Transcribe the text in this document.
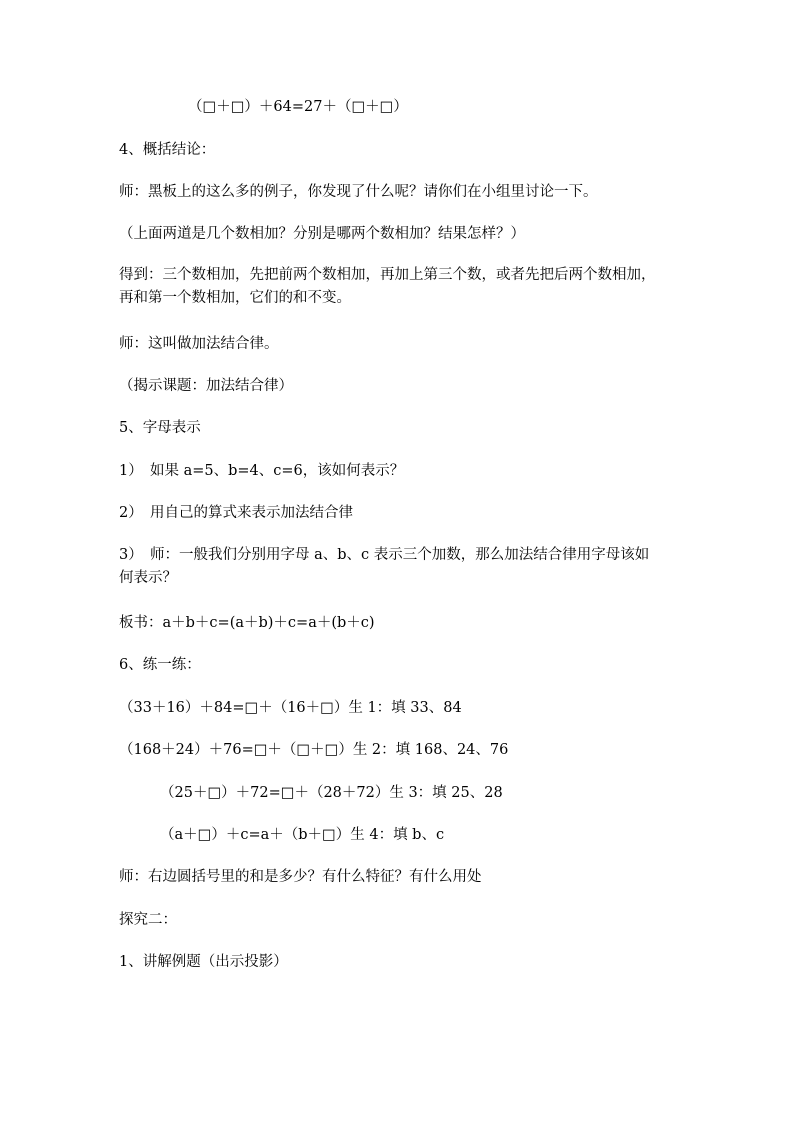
（□＋□）＋64=27＋（□＋□）
4、概括结论：
师：黑板上的这么多的例子，你发现了什么呢？请你们在小组里讨论一下。
（上面两道是几个数相加？分别是哪两个数相加？结果怎样？）
得到：三个数相加，先把前两个数相加，再加上第三个数，或者先把后两个数相加，再和第一个数相加，它们的和不变。
师：这叫做加法结合律。
（揭示课题：加法结合律）
5、字母表示
1）　如果 a=5、b=4、c=6，该如何表示？
2）　用自己的算式来表示加法结合律
3）　师：一般我们分别用字母 a、b、c 表示三个加数，那么加法结合律用字母该如何表示？
板书：a＋b＋c=(a＋b)＋c=a＋(b＋c)
6、练一练：
（33＋16）＋84=□＋（16＋□）生 1：填 33、84
（168＋24）＋76=□＋（□＋□）生 2：填 168、24、76
（25＋□）＋72=□＋（28＋72）生 3：填 25、28
（a＋□）＋c=a＋（b＋□）生 4：填 b、c
师：右边圆括号里的和是多少？有什么特征？有什么用处
探究二：
1、讲解例题（出示投影）
